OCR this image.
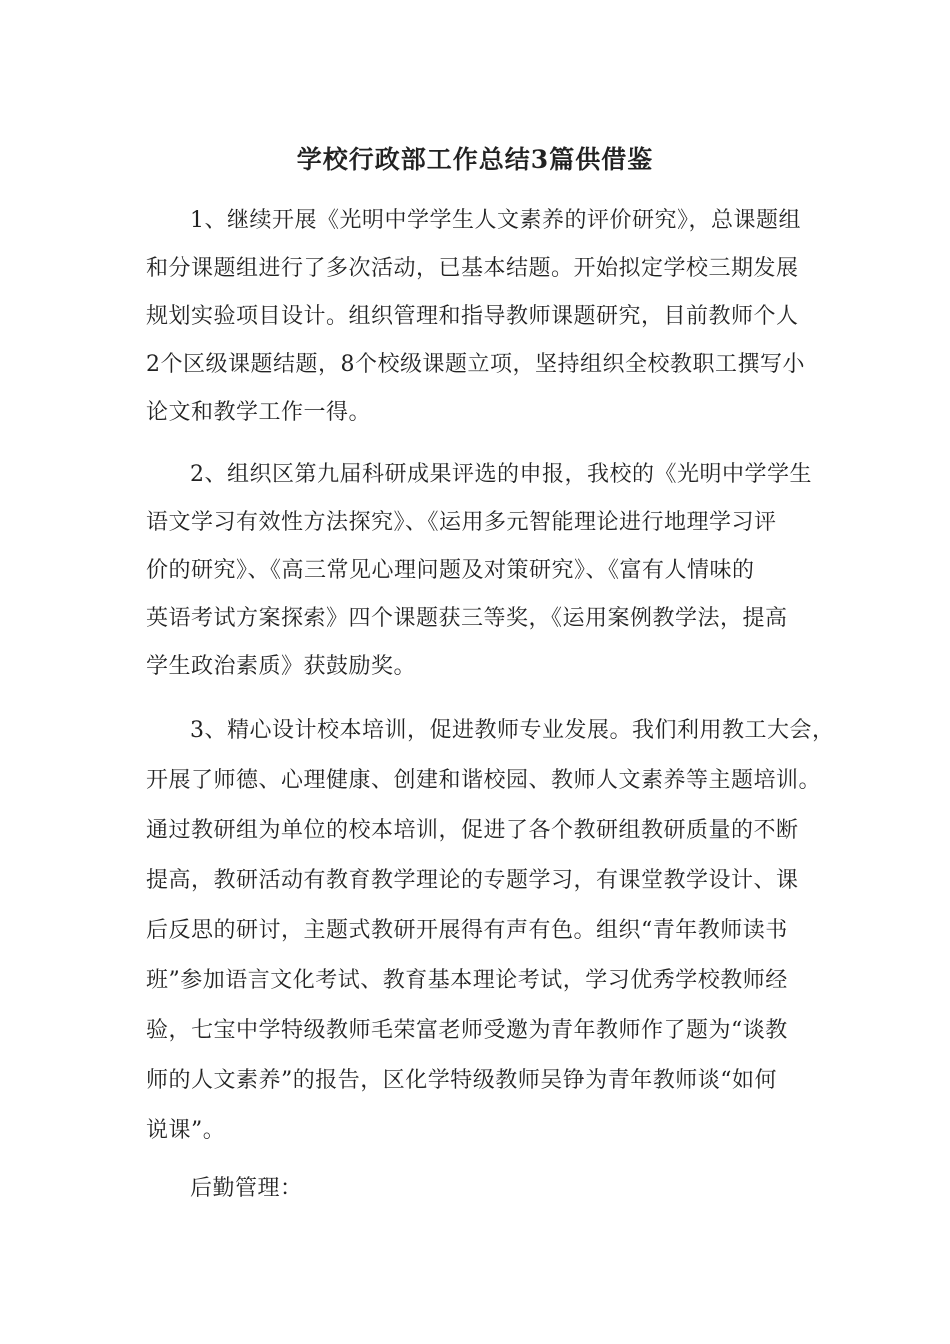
学校行政部工作总结3篇供借鉴
1、继续开展《光明中学学生人文素养的评价研究》，总课题组
和分课题组进行了多次活动，已基本结题。开始拟定学校三期发展
规划实验项目设计。组织管理和指导教师课题研究，目前教师个人
2个区级课题结题，8个校级课题立项，坚持组织全校教职工撰写小
论文和教学工作一得。
2、组织区第九届科研成果评选的申报，我校的《光明中学学生
语文学习有效性方法探究》、《运用多元智能理论进行地理学习评
价的研究》、《高三常见心理问题及对策研究》、《富有人情味的
英语考试方案探索》四个课题获三等奖，《运用案例教学法，提高
学生政治素质》获鼓励奖。
3、精心设计校本培训，促进教师专业发展。我们利用教工大会，
开展了师德、心理健康、创建和谐校园、教师人文素养等主题培训。
通过教研组为单位的校本培训，促进了各个教研组教研质量的不断
提高，教研活动有教育教学理论的专题学习，有课堂教学设计、课
后反思的研讨，主题式教研开展得有声有色。组织“青年教师读书
班”参加语言文化考试、教育基本理论考试，学习优秀学校教师经
验，七宝中学特级教师毛荣富老师受邀为青年教师作了题为“谈教
师的人文素养”的报告，区化学特级教师吴铮为青年教师谈“如何
说课”。
后勤管理：
